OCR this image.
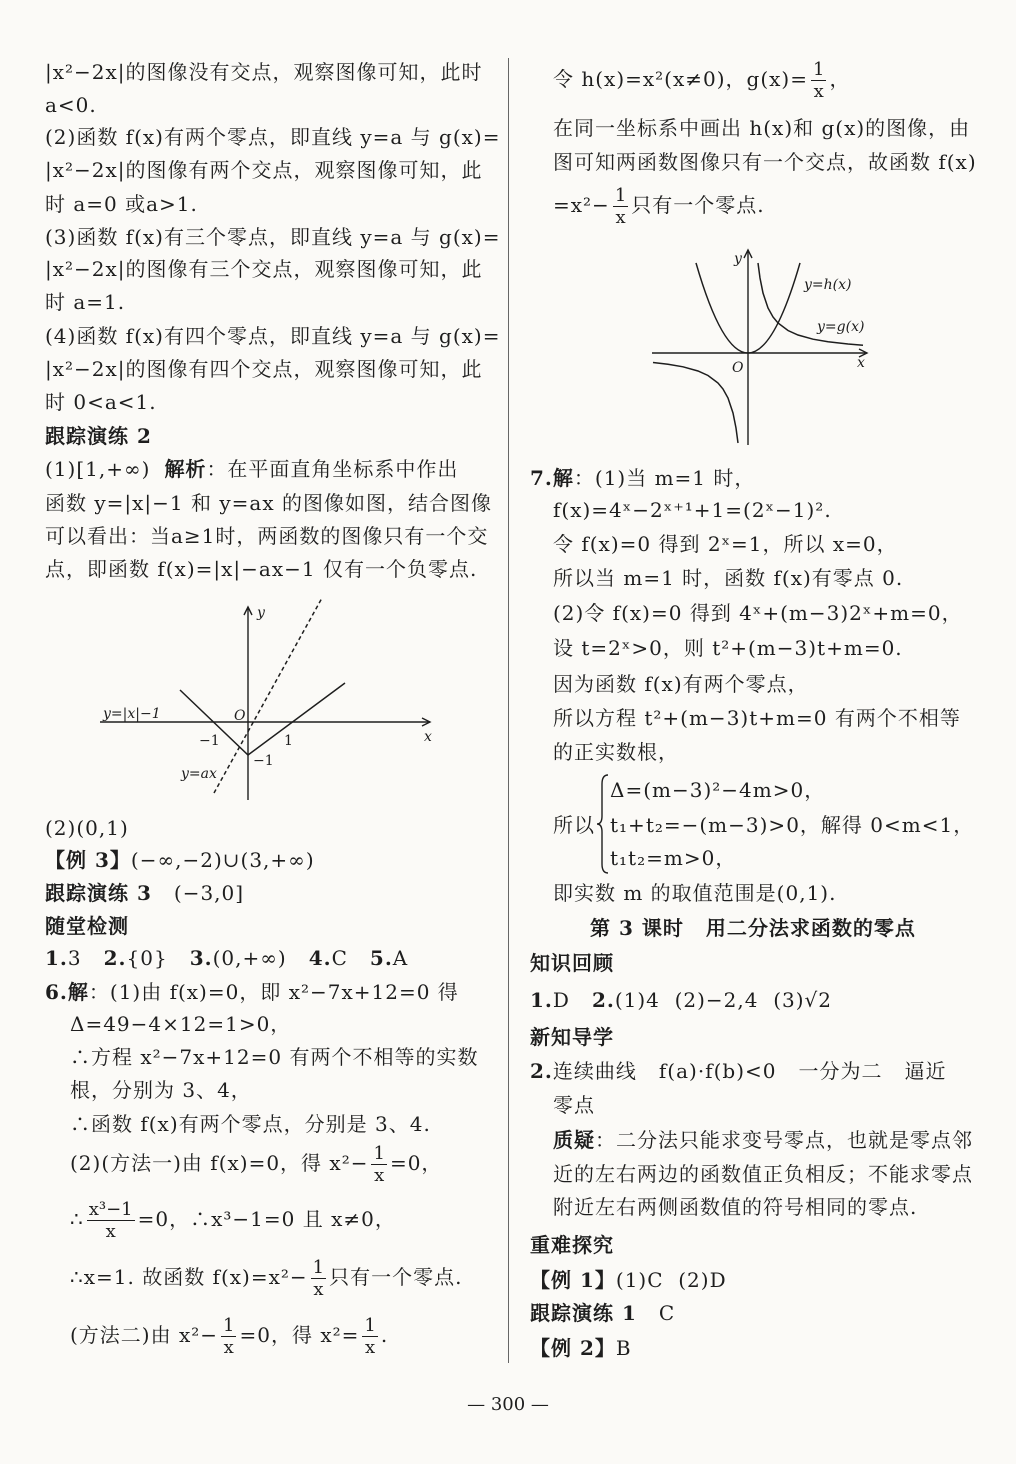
|x²−2x|的图像没有交点，观察图像可知，此时
a<0.
(2)函数 f(x)有两个零点，即直线 y=a 与 g(x)=
|x²−2x|的图像有两个交点，观察图像可知，此
时 a=0 或a>1.
(3)函数 f(x)有三个零点，即直线 y=a 与 g(x)=
|x²−2x|的图像有三个交点，观察图像可知，此
时 a=1.
(4)函数 f(x)有四个零点，即直线 y=a 与 g(x)=
|x²−2x|的图像有四个交点，观察图像可知，此
时 0<a<1.
跟踪演练 2
(1)[1,+∞) 解析：在平面直角坐标系中作出
函数 y=|x|−1 和 y=ax 的图像如图，结合图像
可以看出：当a≥1时，两函数的图像只有一个交
点，即函数 f(x)=|x|−ax−1 仅有一个负零点.
y
x
O
y=|x|−1
−1	1
−1
y=ax
(2)(0,1)
【例 3】(−∞,−2)∪(3,+∞)
跟踪演练 3 (−3,0]
随堂检测
1.3 2.{0} 3.(0,+∞) 4.C 5.A
6.解：(1)由 f(x)=0，即 x²−7x+12=0 得
Δ=49−4×12=1>0，
∴方程 x²−7x+12=0 有两个不相等的实数
根，分别为 3、4，
∴函数 f(x)有两个零点，分别是 3、4.
(2)(方法一)由 f(x)=0，得 $x^2- \frac{1}{x} =0$，
∴ $\frac{\text{x³−1}}{x} =0$，∴x³−1=0 且 x≠0，
∴x=1. 故函数 $f(x)=x^2- \frac{1}{x}$ 只有一个零点.
(方法二)由 $x^2- \frac{1}{x} =0$，得 $x^2= \frac{1}{x}$ .
令 h(x)=x²(x≠0)，$g(x)= \frac{1}{x}$ ，
在同一坐标系中画出 h(x)和 g(x)的图像，由
图可知两函数图像只有一个交点，故函数 f(x)
$=x^2- \frac{1}{x}$ 只有一个零点.
y
x
O
y=h(x)
y=g(x)
7.解：(1)当 m=1 时，
f(x)=4ˣ−2ˣ⁺¹+1=(2ˣ−1)².
令 f(x)=0 得到 2ˣ=1，所以 x=0，
所以当 m=1 时，函数 f(x)有零点 0.
(2)令 f(x)=0 得到 4ˣ+(m−3)2ˣ+m=0，
设 t=2ˣ>0，则 t²+(m−3)t+m=0.
因为函数 f(x)有两个零点，
所以方程 t²+(m−3)t+m=0 有两个不相等
的正实数根，
所以
Δ=(m−3)²−4m>0，
t₁+t₂=−(m−3)>0，解得 0<m<1，
t₁t₂=m>0，
即实数 m 的取值范围是(0,1).
第 3 课时 用二分法求函数的零点
知识回顾
1.D 2.(1)4  (2)−2,4  (3)√2
新知导学
2.连续曲线 f(a)·f(b)<0 一分为二 逼近
零点
质疑：二分法只能求变号零点，也就是零点邻
近的左右两边的函数值正负相反；不能求零点
附近左右两侧函数值的符号相同的零点.
重难探究
【例 1】(1)C  (2)D
跟踪演练 1 C
【例 2】B
— 300 —
